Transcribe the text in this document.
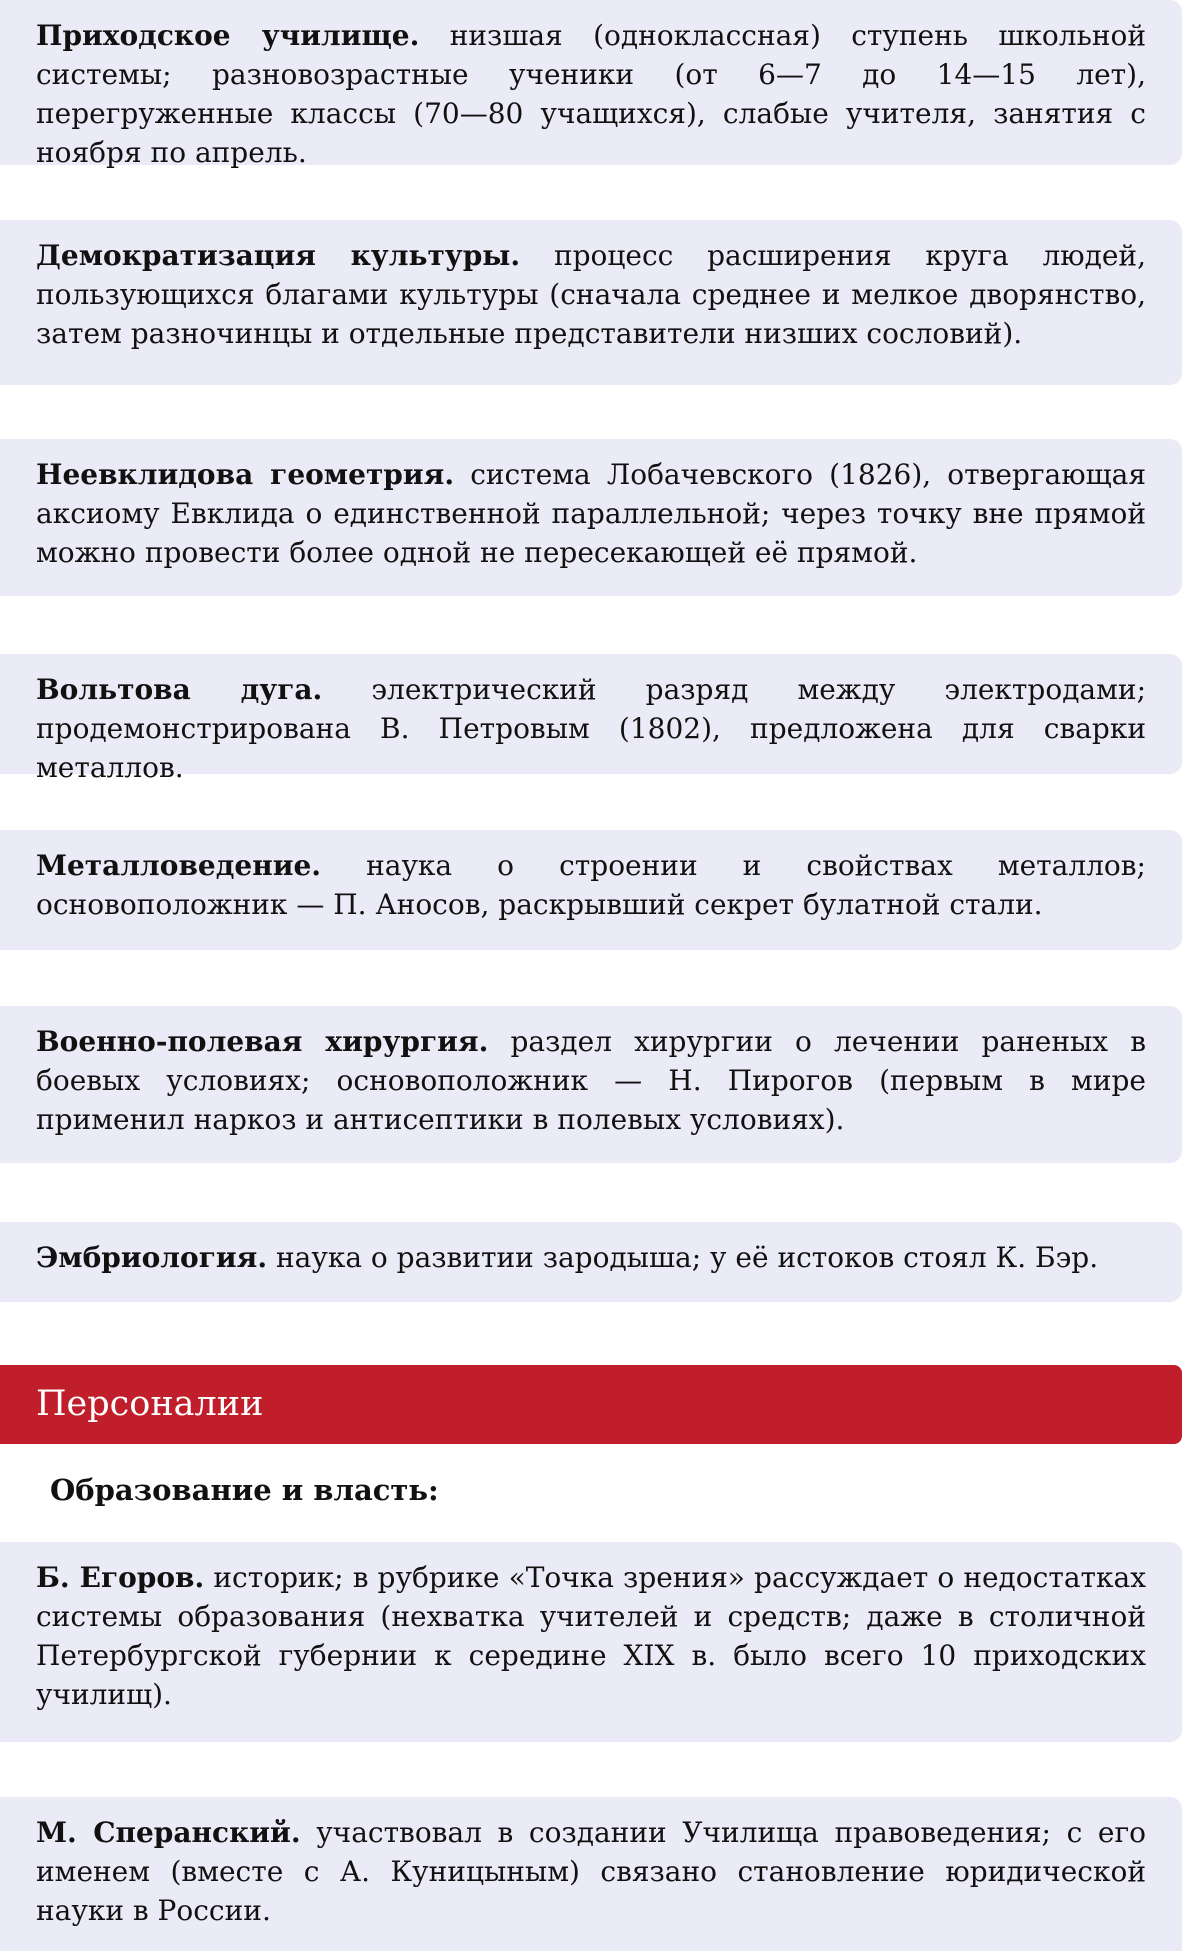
Приходское училище. низшая (одноклассная) ступень школьной системы; разновозрастные ученики (от 6—7 до 14—15 лет), перегруженные классы (70—80 учащихся), слабые учителя, занятия с ноября по апрель.
Демократизация культуры. процесс расширения круга людей, пользующихся благами культуры (сначала среднее и мелкое дворянство, затем разночинцы и отдельные представители низших сословий).
Неевклидова геометрия. система Лобачевского (1826), отвергающая аксиому Евклида о единственной параллельной; через точку вне прямой можно провести более одной не пересекающей её прямой.
Вольтова дуга. электрический разряд между электродами; продемонстрирована В. Петровым (1802), предложена для сварки металлов.
Металловедение. наука о строении и свойствах металлов; основоположник — П. Аносов, раскрывший секрет булатной стали.
Военно-полевая хирургия. раздел хирургии о лечении раненых в боевых условиях; основоположник — Н. Пирогов (первым в мире применил наркоз и антисептики в полевых условиях).
Эмбриология. наука о развитии зародыша; у её истоков стоял К. Бэр.
Персоналии
Образование и власть:
Б. Егоров. историк; в рубрике «Точка зрения» рассуждает о недостатках системы образования (нехватка учителей и средств; даже в столичной Петербургской губернии к середине XIX в. было всего 10 приходских училищ).
М. Сперанский. участвовал в создании Училища правоведения; с его именем (вместе с А. Куницыным) связано становление юридической науки в России.
